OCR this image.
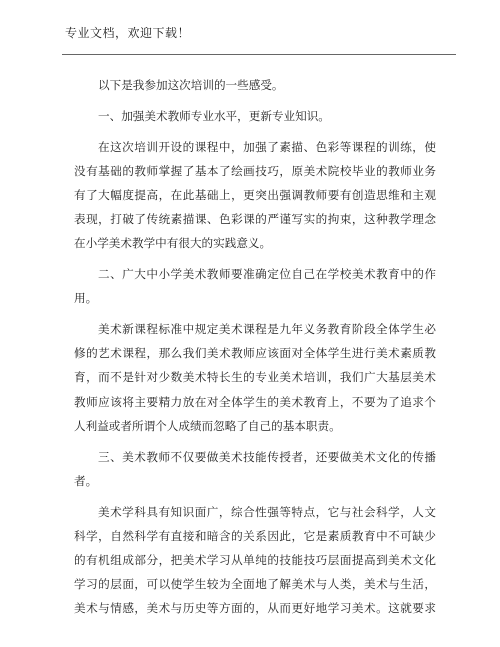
专业文档，欢迎下载！
以下是我参加这次培训的一些感受。
一、加强美术教师专业水平，更新专业知识。
在这次培训开设的课程中，加强了素描、色彩等课程的训练，使
没有基础的教师掌握了基本了绘画技巧，原美术院校毕业的教师业务
有了大幅度提高，在此基础上，更突出强调教师要有创造思维和主观
表现，打破了传统素描课、色彩课的严谨写实的拘束，这种教学理念
在小学美术教学中有很大的实践意义。
二、广大中小学美术教师要准确定位自己在学校美术教育中的作
用。
美术新课程标准中规定美术课程是九年义务教育阶段全体学生必
修的艺术课程，那么我们美术教师应该面对全体学生进行美术素质教
育，而不是针对少数美术特长生的专业美术培训，我们广大基层美术
教师应该将主要精力放在对全体学生的美术教育上，不要为了追求个
人利益或者所谓个人成绩而忽略了自己的基本职责。
三、美术教师不仅要做美术技能传授者，还要做美术文化的传播
者。
美术学科具有知识面广，综合性强等特点，它与社会科学，人文
科学，自然科学有直接和暗含的关系因此，它是素质教育中不可缺少
的有机组成部分，把美术学习从单纯的技能技巧层面提高到美术文化
学习的层面，可以使学生较为全面地了解美术与人类，美术与生活，
美术与情感，美术与历史等方面的，从而更好地学习美术。这就要求
